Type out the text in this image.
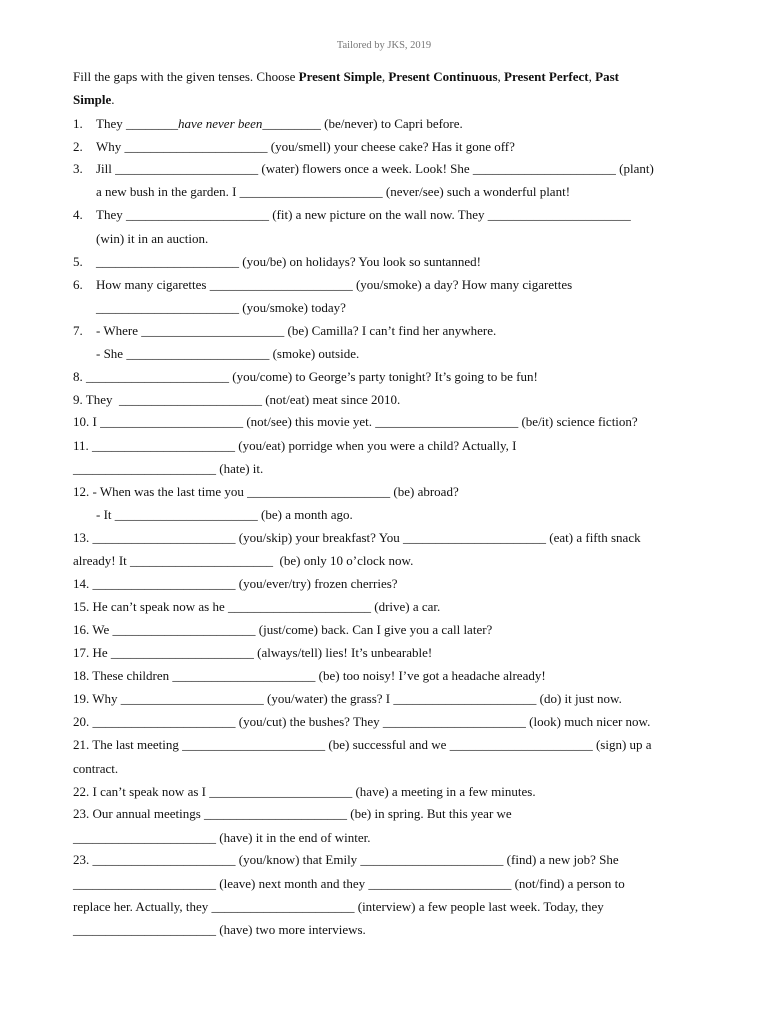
Tailored by JKS, 2019
Fill the gaps with the given tenses. Choose Present Simple, Present Continuous, Present Perfect, Past
Simple.
1. They ________have never been_________ (be/never) to Capri before.
2. Why ______________________ (you/smell) your cheese cake? Has it gone off?
3. Jill ______________________ (water) flowers once a week. Look! She ______________________ (plant)
a new bush in the garden. I ______________________ (never/see) such a wonderful plant!
4. They ______________________ (fit) a new picture on the wall now. They ______________________
(win) it in an auction.
5. ______________________ (you/be) on holidays? You look so suntanned!
6. How many cigarettes ______________________ (you/smoke) a day? How many cigarettes
______________________ (you/smoke) today?
7. - Where ______________________ (be) Camilla? I can’t find her anywhere.
- She ______________________ (smoke) outside.
8. ______________________ (you/come) to George’s party tonight? It’s going to be fun!
9. They  ______________________ (not/eat) meat since 2010.
10. I ______________________ (not/see) this movie yet. ______________________ (be/it) science fiction?
11. ______________________ (you/eat) porridge when you were a child? Actually, I
______________________ (hate) it.
12. - When was the last time you ______________________ (be) abroad?
- It ______________________ (be) a month ago.
13. ______________________ (you/skip) your breakfast? You ______________________ (eat) a fifth snack
already! It ______________________  (be) only 10 o’clock now.
14. ______________________ (you/ever/try) frozen cherries?
15. He can’t speak now as he ______________________ (drive) a car.
16. We ______________________ (just/come) back. Can I give you a call later?
17. He ______________________ (always/tell) lies! It’s unbearable!
18. These children ______________________ (be) too noisy! I’ve got a headache already!
19. Why ______________________ (you/water) the grass? I ______________________ (do) it just now.
20. ______________________ (you/cut) the bushes? They ______________________ (look) much nicer now.
21. The last meeting ______________________ (be) successful and we ______________________ (sign) up a
contract.
22. I can’t speak now as I ______________________ (have) a meeting in a few minutes.
23. Our annual meetings ______________________ (be) in spring. But this year we
______________________ (have) it in the end of winter.
23. ______________________ (you/know) that Emily ______________________ (find) a new job? She
______________________ (leave) next month and they ______________________ (not/find) a person to
replace her. Actually, they ______________________ (interview) a few people last week. Today, they
______________________ (have) two more interviews.
